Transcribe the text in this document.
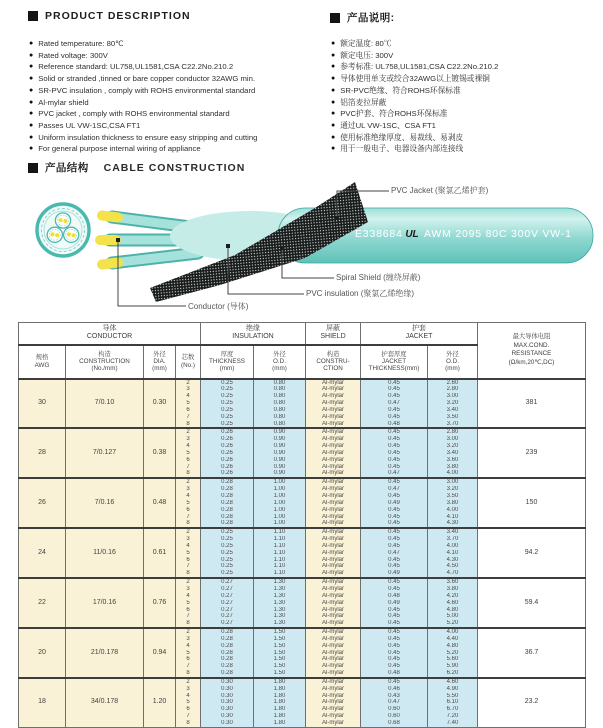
PRODUCT DESCRIPTION
● Rated temperature: 80℃
● Rated voltage: 300V
● Reference standard: UL758,UL1581,CSA C22.2No.210.2
● Solid or stranded ,tinned or bare copper conductor 32AWG min.
● SR-PVC insulation , comply with ROHS environmental standard
● Al-mylar shield
● PVC jacket , comply with ROHS environmental standard
● Passes UL VW-1SC,CSA FT1
● Uniform insulation thickness to ensure easy stripping and cutting
● For general purpose internal wiring of appliance
产品说明:
● 额定温度: 80℃
● 额定电压: 300V
● 参考标准: UL758,UL1581,CSA C22.2No.210.2
● 导体使用单支或绞合32AWG以上镀锡或裸铜
● SR-PVC绝缘、符合ROHS环保标准
● 铝箔麦拉屏蔽
● PVC护套、符合ROHS环保标准
● 通过UL VW-1SC、CSA FT1
● 使用标准绝缘厚度、易裁线、易剥皮
● 用于一般电子、电器设备内部连接线
产品结构 CABLE CONSTRUCTION
E338684 UL AWM 2095 80C 300V VW-1
PVC Jacket (聚氯乙烯护套)
Spiral Shield (缠绕屏蔽)
PVC insulation (聚氯乙烯绝缘)
Conductor (导体)
导体
CONDUCTOR				绝缘
INSULATION		屏蔽
SHIELD	护套
JACKET		最大导体电阻
MAX.COND.
RESISTANCE
(Ω/km,20℃,DC)

规格
AWG	构造
CONSTRUCTION
(No./mm)	外径
DIA.
(mm)	芯数
(No.)	厚度
THICKNESS
(mm)	外径
O.D.
(mm)	构造
CONSTRU-
CTION	护套厚度
JACKET
THICKNESS(mm)	外径
O.D.
(mm)	

30	7/0.10	0.30	2	0.25	0.80	Al-mylar	0.45	2.60	381
			3	0.25	0.80	Al-mylar	0.45	2.80	
			4	0.25	0.80	Al-mylar	0.45	3.00	
			5	0.25	0.80	Al-mylar	0.47	3.20	
			6	0.25	0.80	Al-mylar	0.45	3.40	
			7	0.25	0.80	Al-mylar	0.45	3.50	
			8	0.25	0.80	Al-mylar	0.48	3.70	
28	7/0.127	0.38	2	0.26	0.90	Al-mylar	0.45	2.80	239
			3	0.26	0.90	Al-mylar	0.45	3.00	
			4	0.26	0.90	Al-mylar	0.45	3.20	
			5	0.26	0.90	Al-mylar	0.45	3.40	
			6	0.26	0.90	Al-mylar	0.45	3.60	
			7	0.26	0.90	Al-mylar	0.45	3.80	
			8	0.26	0.90	Al-mylar	0.47	4.00	
26	7/0.16	0.48	2	0.28	1.00	Al-mylar	0.45	3.00	150
			3	0.28	1.00	Al-mylar	0.47	3.20	
			4	0.28	1.00	Al-mylar	0.45	3.50	
			5	0.28	1.00	Al-mylar	0.49	3.80	
			6	0.28	1.00	Al-mylar	0.45	4.00	
			7	0.28	1.00	Al-mylar	0.45	4.10	
			8	0.28	1.00	Al-mylar	0.45	4.30	
24	11/0.16	0.61	2	0.25	1.10	Al-mylar	0.45	3.40	94.2
			3	0.25	1.10	Al-mylar	0.45	3.70	
			4	0.25	1.10	Al-mylar	0.45	4.00	
			5	0.25	1.10	Al-mylar	0.47	4.10	
			6	0.25	1.10	Al-mylar	0.45	4.30	
			7	0.25	1.10	Al-mylar	0.45	4.50	
			8	0.25	1.10	Al-mylar	0.49	4.70	
22	17/0.16	0.76	2	0.27	1.30	Al-mylar	0.45	3.60	59.4
			3	0.27	1.30	Al-mylar	0.45	3.80	
			4	0.27	1.30	Al-mylar	0.48	4.20	
			5	0.27	1.30	Al-mylar	0.49	4.60	
			6	0.27	1.30	Al-mylar	0.45	4.80	
			7	0.27	1.30	Al-mylar	0.45	5.00	
			8	0.27	1.30	Al-mylar	0.45	5.20	
20	21/0.178	0.94	2	0.28	1.50	Al-mylar	0.45	4.00	36.7
			3	0.28	1.50	Al-mylar	0.45	4.40	
			4	0.28	1.50	Al-mylar	0.45	4.80	
			5	0.28	1.50	Al-mylar	0.45	5.20	
			6	0.28	1.50	Al-mylar	0.45	5.60	
			7	0.28	1.50	Al-mylar	0.45	5.90	
			8	0.28	1.50	Al-mylar	0.48	6.20	
18	34/0.178	1.20	2	0.30	1.80	Al-mylar	0.45	4.60	23.2
			3	0.30	1.80	Al-mylar	0.46	4.90	
			4	0.30	1.80	Al-mylar	0.43	5.50	
			5	0.30	1.80	Al-mylar	0.47	6.10	
			6	0.30	1.80	Al-mylar	0.60	6.70	
			7	0.30	1.80	Al-mylar	0.60	7.20	
			8	0.30	1.80	Al-mylar	0.68	7.40	
